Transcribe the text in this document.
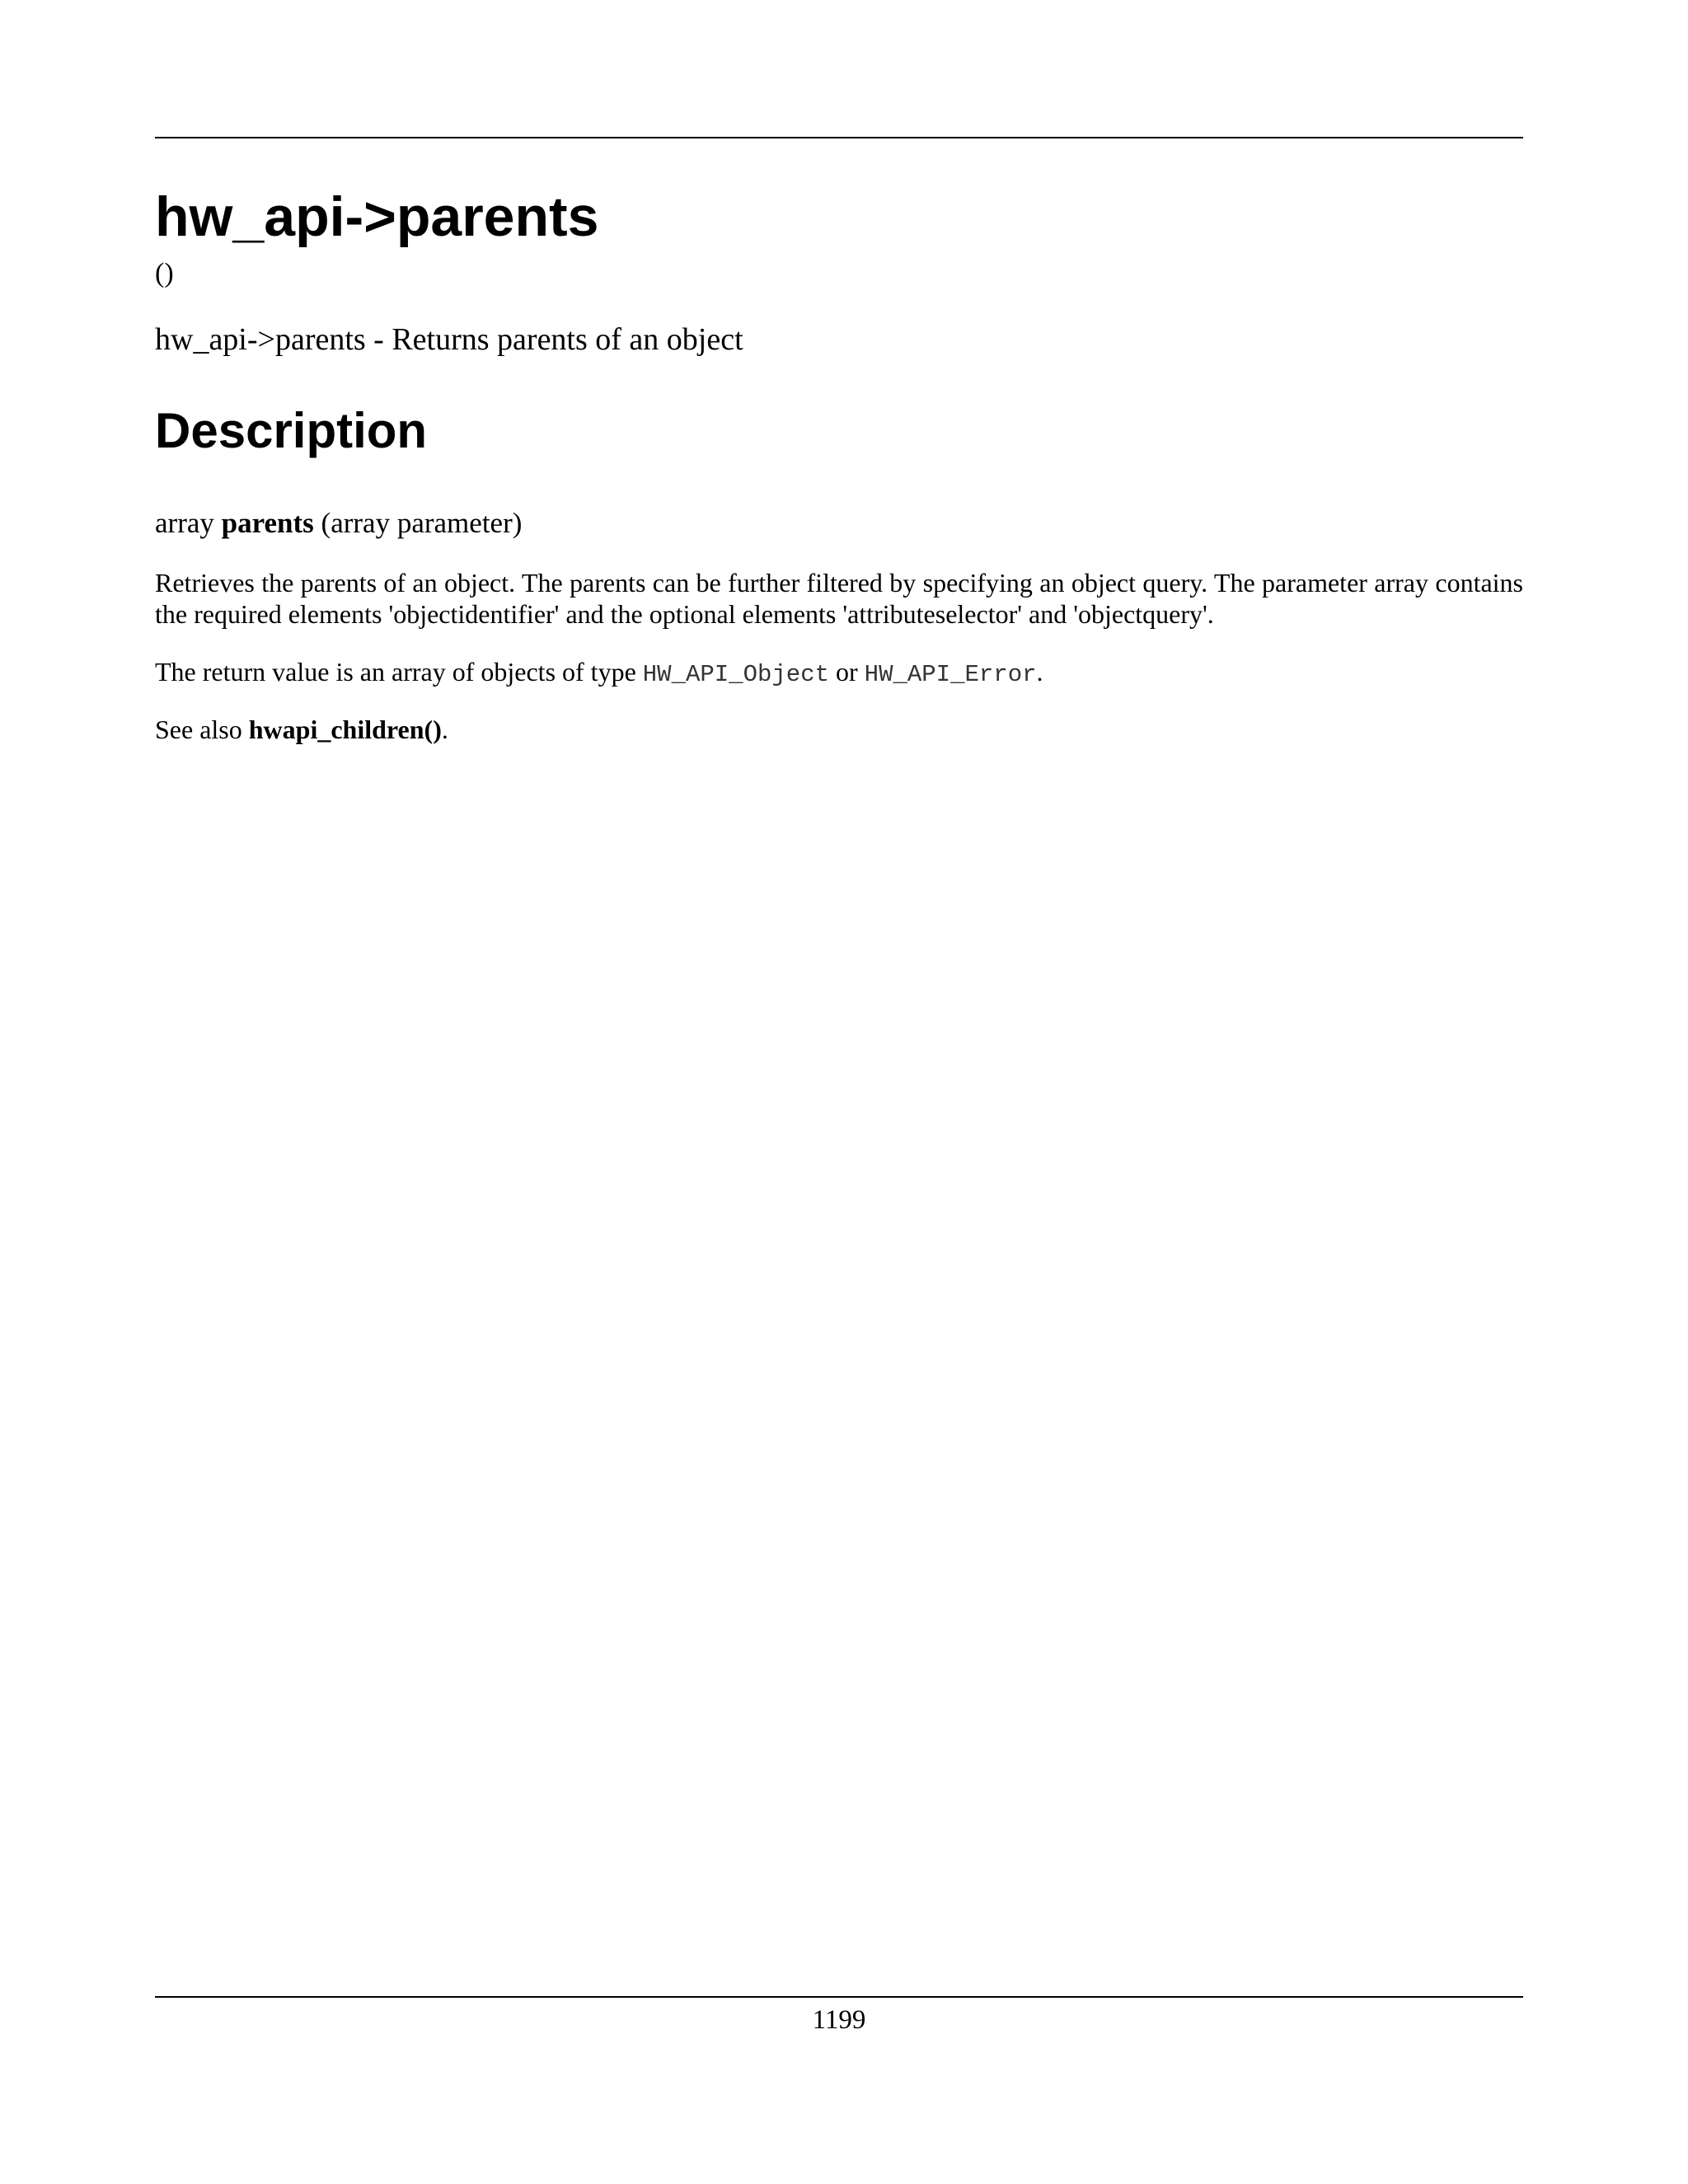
hw_api->parents
()
hw_api->parents - Returns parents of an object
Description
array parents (array parameter)

Retrieves the parents of an object. The parents can be further filtered by specifying an object query. The parameter array contains the required elements 'objectidentifier' and the optional elements 'attributeselector' and 'objectquery'.

The return value is an array of objects of type HW_API_Object or HW_API_Error.

See also hwapi_children().

1199
